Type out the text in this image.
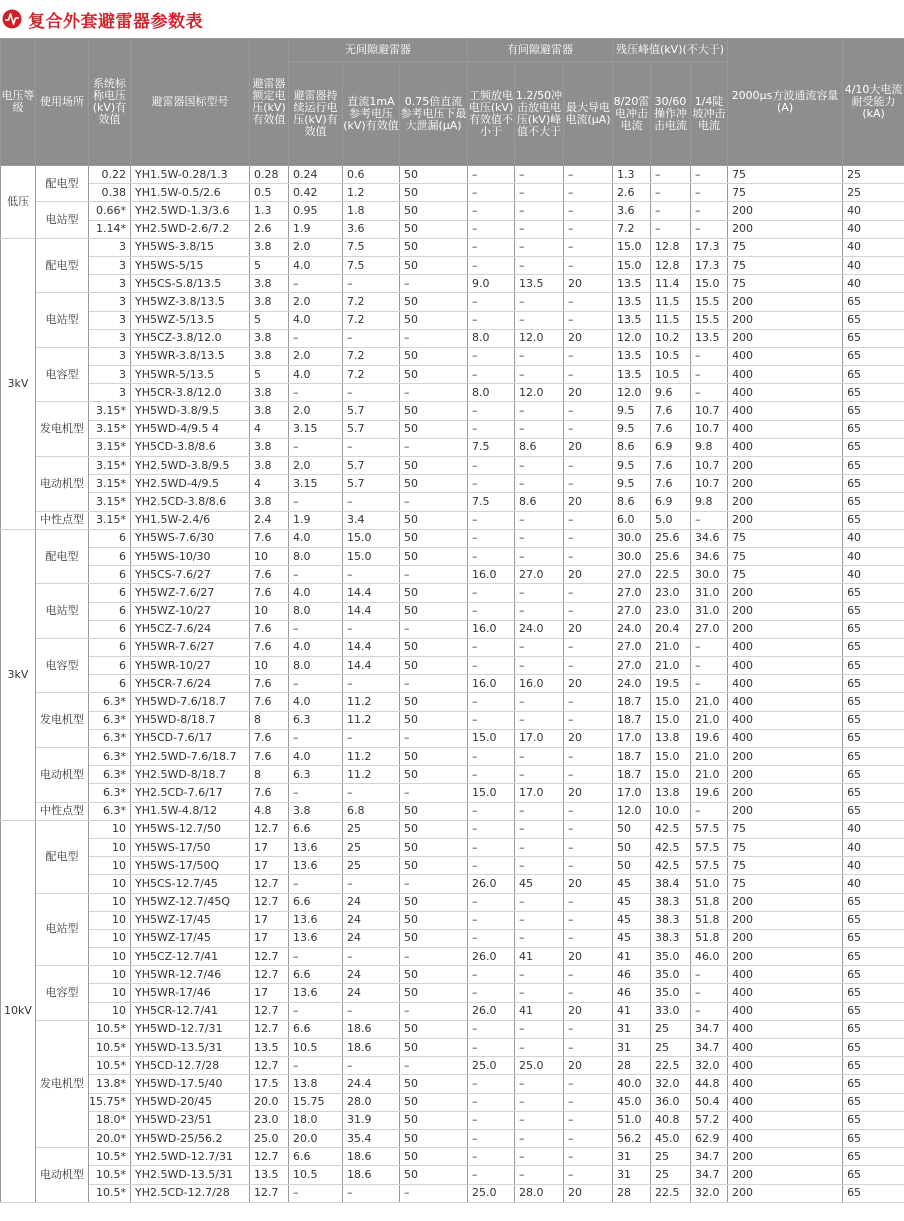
复合外套避雷器参数表
电压等级	使用场所	系统标称电压(kV)有效值	避雷器国标型号	避雷器额定电压(kV)有效值	无间隙避雷器			有间隙避雷器			残压峰值(kV)(不大于)			2000μs方波通流容量(A)	4/10大电流耐受能力(kA)
					避雷器持续运行电压(kV)有效值	直流1mA参考电压(kV)有效值	0.75倍直流参考电压下最大泄漏(μA)	工频放电电压(kV)有效值不小于	1.2/50冲击放电电压(kV)峰值不大于	最大导电电流(μA)	8/20雷电冲击电流	30/60操作冲击电流	1/4陡坡冲击电流		
低压	配电型	0.22	YH1.5W-0.28/1.3	0.28	0.24	0.6	50	–	–	–	1.3	–	–	75	25
		0.38	YH1.5W-0.5/2.6	0.5	0.42	1.2	50	–	–	–	2.6	–	–	75	25
	电站型	0.66*	YH2.5WD-1.3/3.6	1.3	0.95	1.8	50	–	–	–	3.6	–	–	200	40
		1.14*	YH2.5WD-2.6/7.2	2.6	1.9	3.6	50	–	–	–	7.2	–	–	200	40
3kV	配电型	3	YH5WS-3.8/15	3.8	2.0	7.5	50	–	–	–	15.0	12.8	17.3	75	40
		3	YH5WS-5/15	5	4.0	7.5	50	–	–	–	15.0	12.8	17.3	75	40
		3	YH5CS-S.8/13.5	3.8	–	–	–	9.0	13.5	20	13.5	11.4	15.0	75	40
	电站型	3	YH5WZ-3.8/13.5	3.8	2.0	7.2	50	–	–	–	13.5	11.5	15.5	200	65
		3	YH5WZ-5/13.5	5	4.0	7.2	50	–	–	–	13.5	11.5	15.5	200	65
		3	YH5CZ-3.8/12.0	3.8	–	–	–	8.0	12.0	20	12.0	10.2	13.5	200	65
	电容型	3	YH5WR-3.8/13.5	3.8	2.0	7.2	50	–	–	–	13.5	10.5	–	400	65
		3	YH5WR-5/13.5	5	4.0	7.2	50	–	–	–	13.5	10.5	–	400	65
		3	YH5CR-3.8/12.0	3.8	–	–	–	8.0	12.0	20	12.0	9.6	–	400	65
	发电机型	3.15*	YH5WD-3.8/9.5	3.8	2.0	5.7	50	–	–	–	9.5	7.6	10.7	400	65
		3.15*	YH5WD-4/9.5 4	4	3.15	5.7	50	–	–	–	9.5	7.6	10.7	400	65
		3.15*	YH5CD-3.8/8.6	3.8	–	–	–	7.5	8.6	20	8.6	6.9	9.8	400	65
	电动机型	3.15*	YH2.5WD-3.8/9.5	3.8	2.0	5.7	50	–	–	–	9.5	7.6	10.7	200	65
		3.15*	YH2.5WD-4/9.5	4	3.15	5.7	50	–	–	–	9.5	7.6	10.7	200	65
		3.15*	YH2.5CD-3.8/8.6	3.8	–	–	–	7.5	8.6	20	8.6	6.9	9.8	200	65
	中性点型	3.15*	YH1.5W-2.4/6	2.4	1.9	3.4	50	–	–	–	6.0	5.0	–	200	65
3kV	配电型	6	YH5WS-7.6/30	7.6	4.0	15.0	50	–	–	–	30.0	25.6	34.6	75	40
		6	YH5WS-10/30	10	8.0	15.0	50	–	–	–	30.0	25.6	34.6	75	40
		6	YH5CS-7.6/27	7.6	–	–	–	16.0	27.0	20	27.0	22.5	30.0	75	40
	电站型	6	YH5WZ-7.6/27	7.6	4.0	14.4	50	–	–	–	27.0	23.0	31.0	200	65
		6	YH5WZ-10/27	10	8.0	14.4	50	–	–	–	27.0	23.0	31.0	200	65
		6	YH5CZ-7.6/24	7.6	–	–	–	16.0	24.0	20	24.0	20.4	27.0	200	65
	电容型	6	YH5WR-7.6/27	7.6	4.0	14.4	50	–	–	–	27.0	21.0	–	400	65
		6	YH5WR-10/27	10	8.0	14.4	50	–	–	–	27.0	21.0	–	400	65
		6	YH5CR-7.6/24	7.6	–	–	–	16.0	16.0	20	24.0	19.5	–	400	65
	发电机型	6.3*	YH5WD-7.6/18.7	7.6	4.0	11.2	50	–	–	–	18.7	15.0	21.0	400	65
		6.3*	YH5WD-8/18.7	8	6.3	11.2	50	–	–	–	18.7	15.0	21.0	400	65
		6.3*	YH5CD-7.6/17	7.6	–	–	–	15.0	17.0	20	17.0	13.8	19.6	400	65
	电动机型	6.3*	YH2.5WD-7.6/18.7	7.6	4.0	11.2	50	–	–	–	18.7	15.0	21.0	200	65
		6.3*	YH2.5WD-8/18.7	8	6.3	11.2	50	–	–	–	18.7	15.0	21.0	200	65
		6.3*	YH2.5CD-7.6/17	7.6	–	–	–	15.0	17.0	20	17.0	13.8	19.6	200	65
	中性点型	6.3*	YH1.5W-4.8/12	4.8	3.8	6.8	50	–	–	–	12.0	10.0	–	200	65
10kV	配电型	10	YH5WS-12.7/50	12.7	6.6	25	50	–	–	–	50	42.5	57.5	75	40
		10	YH5WS-17/50	17	13.6	25	50	–	–	–	50	42.5	57.5	75	40
		10	YH5WS-17/50Q	17	13.6	25	50	–	–	–	50	42.5	57.5	75	40
		10	YH5CS-12.7/45	12.7	–	–	–	26.0	45	20	45	38.4	51.0	75	40
	电站型	10	YH5WZ-12.7/45Q	12.7	6.6	24	50	–	–	–	45	38.3	51.8	200	65
		10	YH5WZ-17/45	17	13.6	24	50	–	–	–	45	38.3	51.8	200	65
		10	YH5WZ-17/45	17	13.6	24	50	–	–	–	45	38.3	51.8	200	65
		10	YH5CZ-12.7/41	12.7	–	–	–	26.0	41	20	41	35.0	46.0	200	65
	电容型	10	YH5WR-12.7/46	12.7	6.6	24	50	–	–	–	46	35.0	–	400	65
		10	YH5WR-17/46	17	13.6	24	50	–	–	–	46	35.0	–	400	65
		10	YH5CR-12.7/41	12.7	–	–	–	26.0	41	20	41	33.0	–	400	65
	发电机型	10.5*	YH5WD-12.7/31	12.7	6.6	18.6	50	–	–	–	31	25	34.7	400	65
		10.5*	YH5WD-13.5/31	13.5	10.5	18.6	50	–	–	–	31	25	34.7	400	65
		10.5*	YH5CD-12.7/28	12.7	–	–	–	25.0	25.0	20	28	22.5	32.0	400	65
		13.8*	YH5WD-17.5/40	17.5	13.8	24.4	50	–	–	–	40.0	32.0	44.8	400	65
		15.75*	YH5WD-20/45	20.0	15.75	28.0	50	–	–	–	45.0	36.0	50.4	400	65
		18.0*	YH5WD-23/51	23.0	18.0	31.9	50	–	–	–	51.0	40.8	57.2	400	65
		20.0*	YH5WD-25/56.2	25.0	20.0	35.4	50	–	–	–	56.2	45.0	62.9	400	65
	电动机型	10.5*	YH2.5WD-12.7/31	12.7	6.6	18.6	50	–	–	–	31	25	34.7	200	65
		10.5*	YH2.5WD-13.5/31	13.5	10.5	18.6	50	–	–	–	31	25	34.7	200	65
		10.5*	YH2.5CD-12.7/28	12.7	–	–	–	25.0	28.0	20	28	22.5	32.0	200	65
